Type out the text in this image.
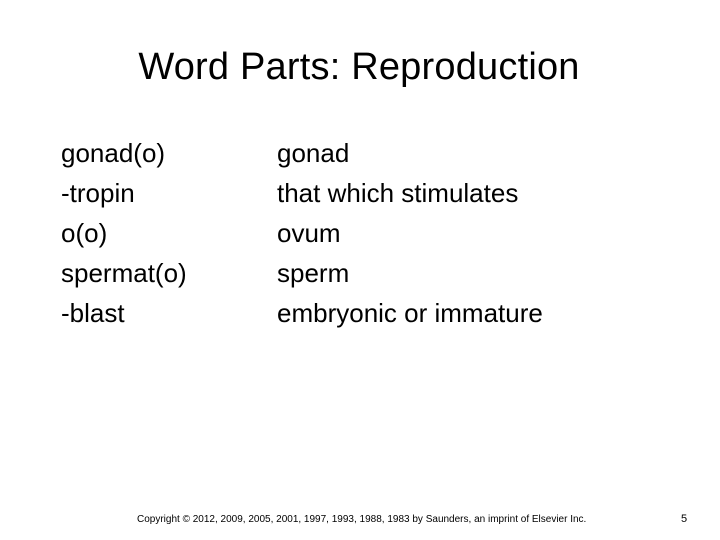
Word Parts: Reproduction
gonad(o)
-tropin
o(o)
spermat(o)
-blast
gonad
that which stimulates
ovum
sperm
embryonic or immature
Copyright © 2012, 2009, 2005, 2001, 1997, 1993, 1988, 1983 by Saunders, an imprint of Elsevier Inc.	5
